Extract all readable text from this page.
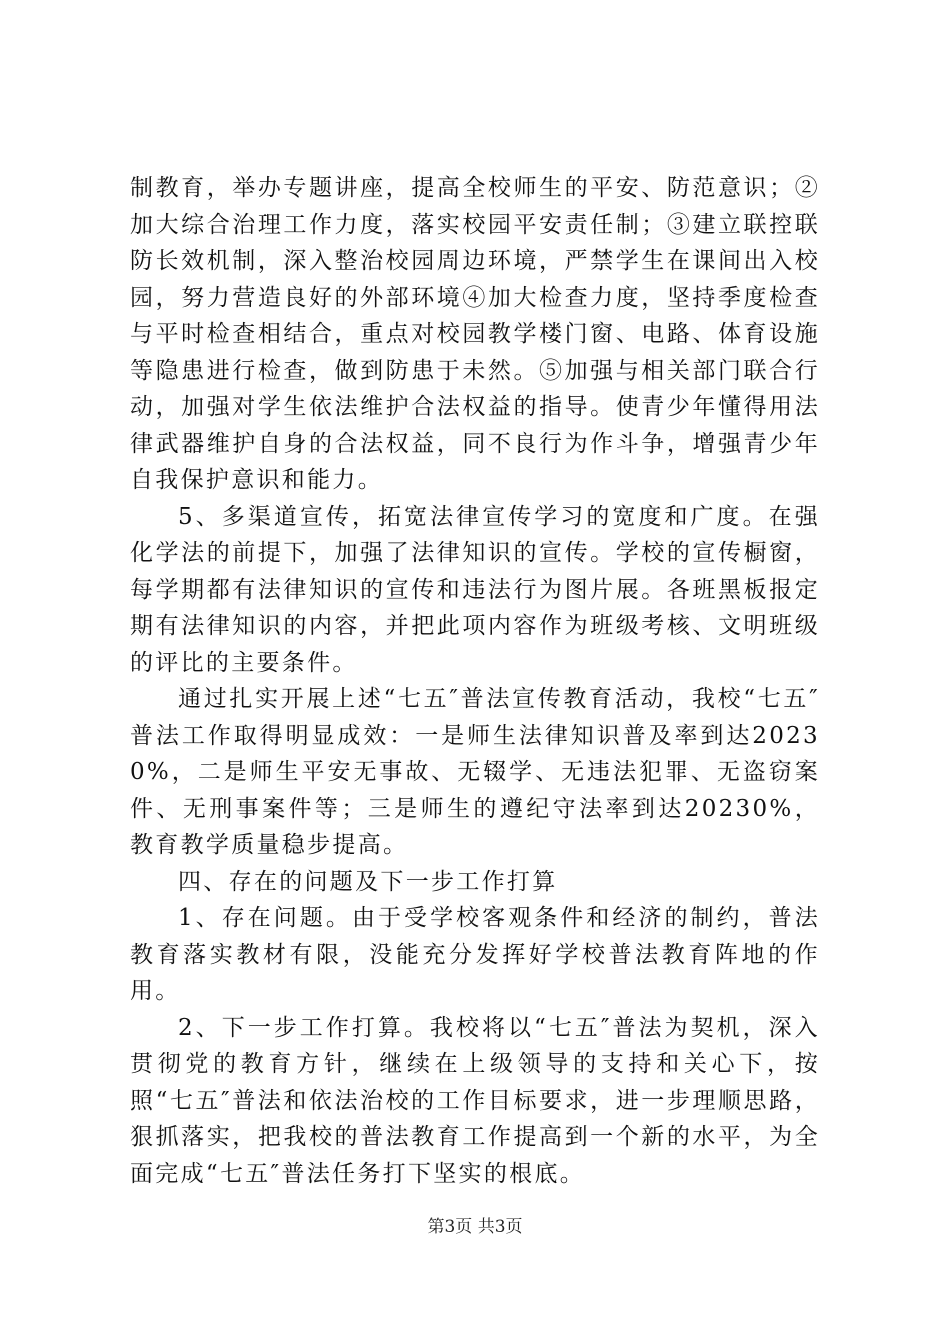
制教育，举办专题讲座，提高全校师生的平安、防范意识；②加大综合治理工作力度，落实校园平安责任制；③建立联控联防长效机制，深入整治校园周边环境，严禁学生在课间出入校园，努力营造良好的外部环境④加大检查力度，坚持季度检查与平时检查相结合，重点对校园教学楼门窗、电路、体育设施等隐患进行检查，做到防患于未然。⑤加强与相关部门联合行动，加强对学生依法维护合法权益的指导。使青少年懂得用法律武器维护自身的合法权益，同不良行为作斗争，增强青少年自我保护意识和能力。

5、多渠道宣传，拓宽法律宣传学习的宽度和广度。在强化学法的前提下，加强了法律知识的宣传。学校的宣传橱窗，每学期都有法律知识的宣传和违法行为图片展。各班黑板报定期有法律知识的内容，并把此项内容作为班级考核、文明班级的评比的主要条件。

通过扎实开展上述“七五″普法宣传教育活动，我校“七五″普法工作取得明显成效：一是师生法律知识普及率到达20230%，二是师生平安无事故、无辍学、无违法犯罪、无盗窃案件、无刑事案件等；三是师生的遵纪守法率到达20230%，教育教学质量稳步提高。

四、存在的问题及下一步工作打算

1、存在问题。由于受学校客观条件和经济的制约，普法教育落实教材有限，没能充分发挥好学校普法教育阵地的作用。

2、下一步工作打算。我校将以“七五″普法为契机，深入贯彻党的教育方针，继续在上级领导的支持和关心下，按照“七五″普法和依法治校的工作目标要求，进一步理顺思路，狠抓落实，把我校的普法教育工作提高到一个新的水平，为全面完成“七五″普法任务打下坚实的根底。

第3页 共3页
